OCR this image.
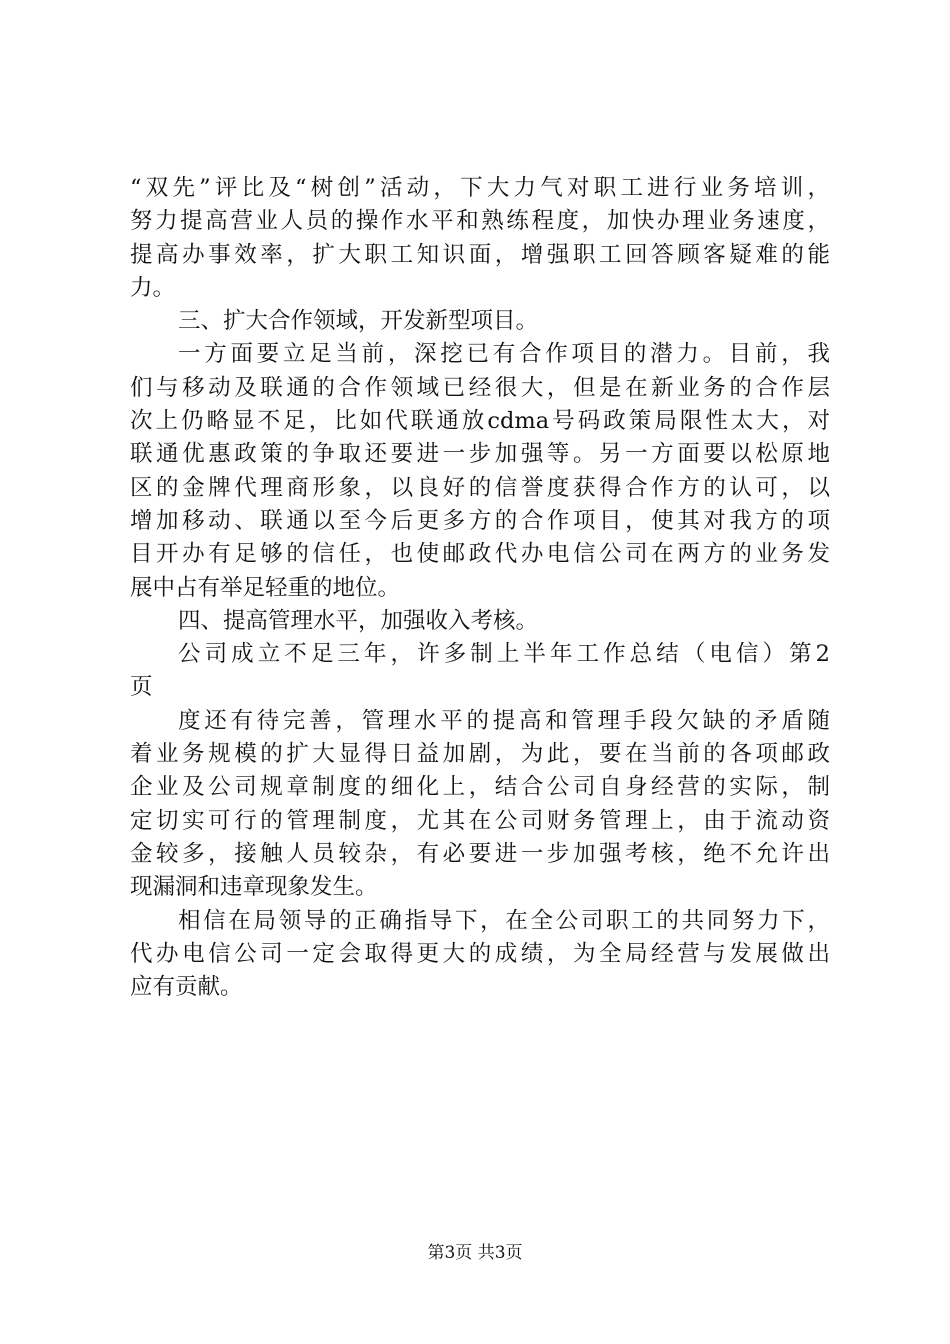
“双先”评比及“树创”活动，下大力气对职工进行业务培训，
努力提高营业人员的操作水平和熟练程度，加快办理业务速度，
提高办事效率，扩大职工知识面，增强职工回答顾客疑难的能
力。
三、扩大合作领域，开发新型项目。
一方面要立足当前，深挖已有合作项目的潜力。目前，我
们与移动及联通的合作领域已经很大，但是在新业务的合作层
次上仍略显不足，比如代联通放cdma号码政策局限性太大，对
联通优惠政策的争取还要进一步加强等。另一方面要以松原地
区的金牌代理商形象，以良好的信誉度获得合作方的认可，以
增加移动、联通以至今后更多方的合作项目，使其对我方的项
目开办有足够的信任，也使邮政代办电信公司在两方的业务发
展中占有举足轻重的地位。
四、提高管理水平，加强收入考核。
公司成立不足三年，许多制上半年工作总结（电信）第2
页
度还有待完善，管理水平的提高和管理手段欠缺的矛盾随
着业务规模的扩大显得日益加剧，为此，要在当前的各项邮政
企业及公司规章制度的细化上，结合公司自身经营的实际，制
定切实可行的管理制度，尤其在公司财务管理上，由于流动资
金较多，接触人员较杂，有必要进一步加强考核，绝不允许出
现漏洞和违章现象发生。
相信在局领导的正确指导下，在全公司职工的共同努力下，
代办电信公司一定会取得更大的成绩，为全局经营与发展做出
应有贡献。
第3页 共3页
